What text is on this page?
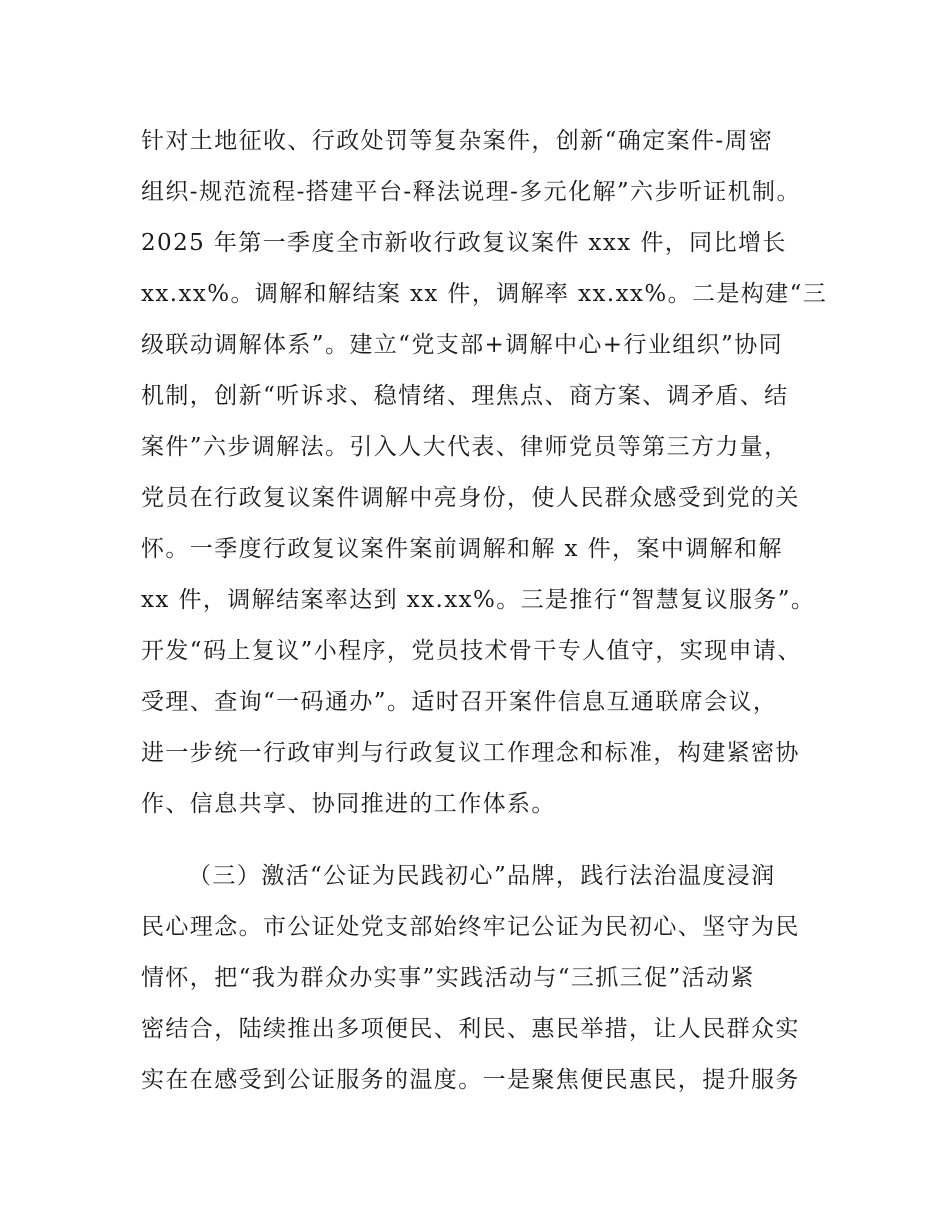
针对土地征收、行政处罚等复杂案件，创新“确定案件-周密
组织-规范流程-搭建平台-释法说理-多元化解”六步听证机制。
2025 年第一季度全市新收行政复议案件 xxx 件，同比增长
xx.xx%。调解和解结案 xx 件，调解率 xx.xx%。二是构建“三
级联动调解体系”。建立“党支部+调解中心+行业组织”协同
机制，创新“听诉求、稳情绪、理焦点、商方案、调矛盾、结
案件”六步调解法。引入人大代表、律师党员等第三方力量，
党员在行政复议案件调解中亮身份，使人民群众感受到党的关
怀。一季度行政复议案件案前调解和解 x 件，案中调解和解
xx 件，调解结案率达到 xx.xx%。三是推行“智慧复议服务”。
开发“码上复议”小程序，党员技术骨干专人值守，实现申请、
受理、查询“一码通办”。适时召开案件信息互通联席会议，
进一步统一行政审判与行政复议工作理念和标准，构建紧密协
作、信息共享、协同推进的工作体系。
（三）激活“公证为民践初心”品牌，践行法治温度浸润
民心理念。市公证处党支部始终牢记公证为民初心、坚守为民
情怀，把“我为群众办实事”实践活动与“三抓三促”活动紧
密结合，陆续推出多项便民、利民、惠民举措，让人民群众实
实在在感受到公证服务的温度。一是聚焦便民惠民，提升服务
